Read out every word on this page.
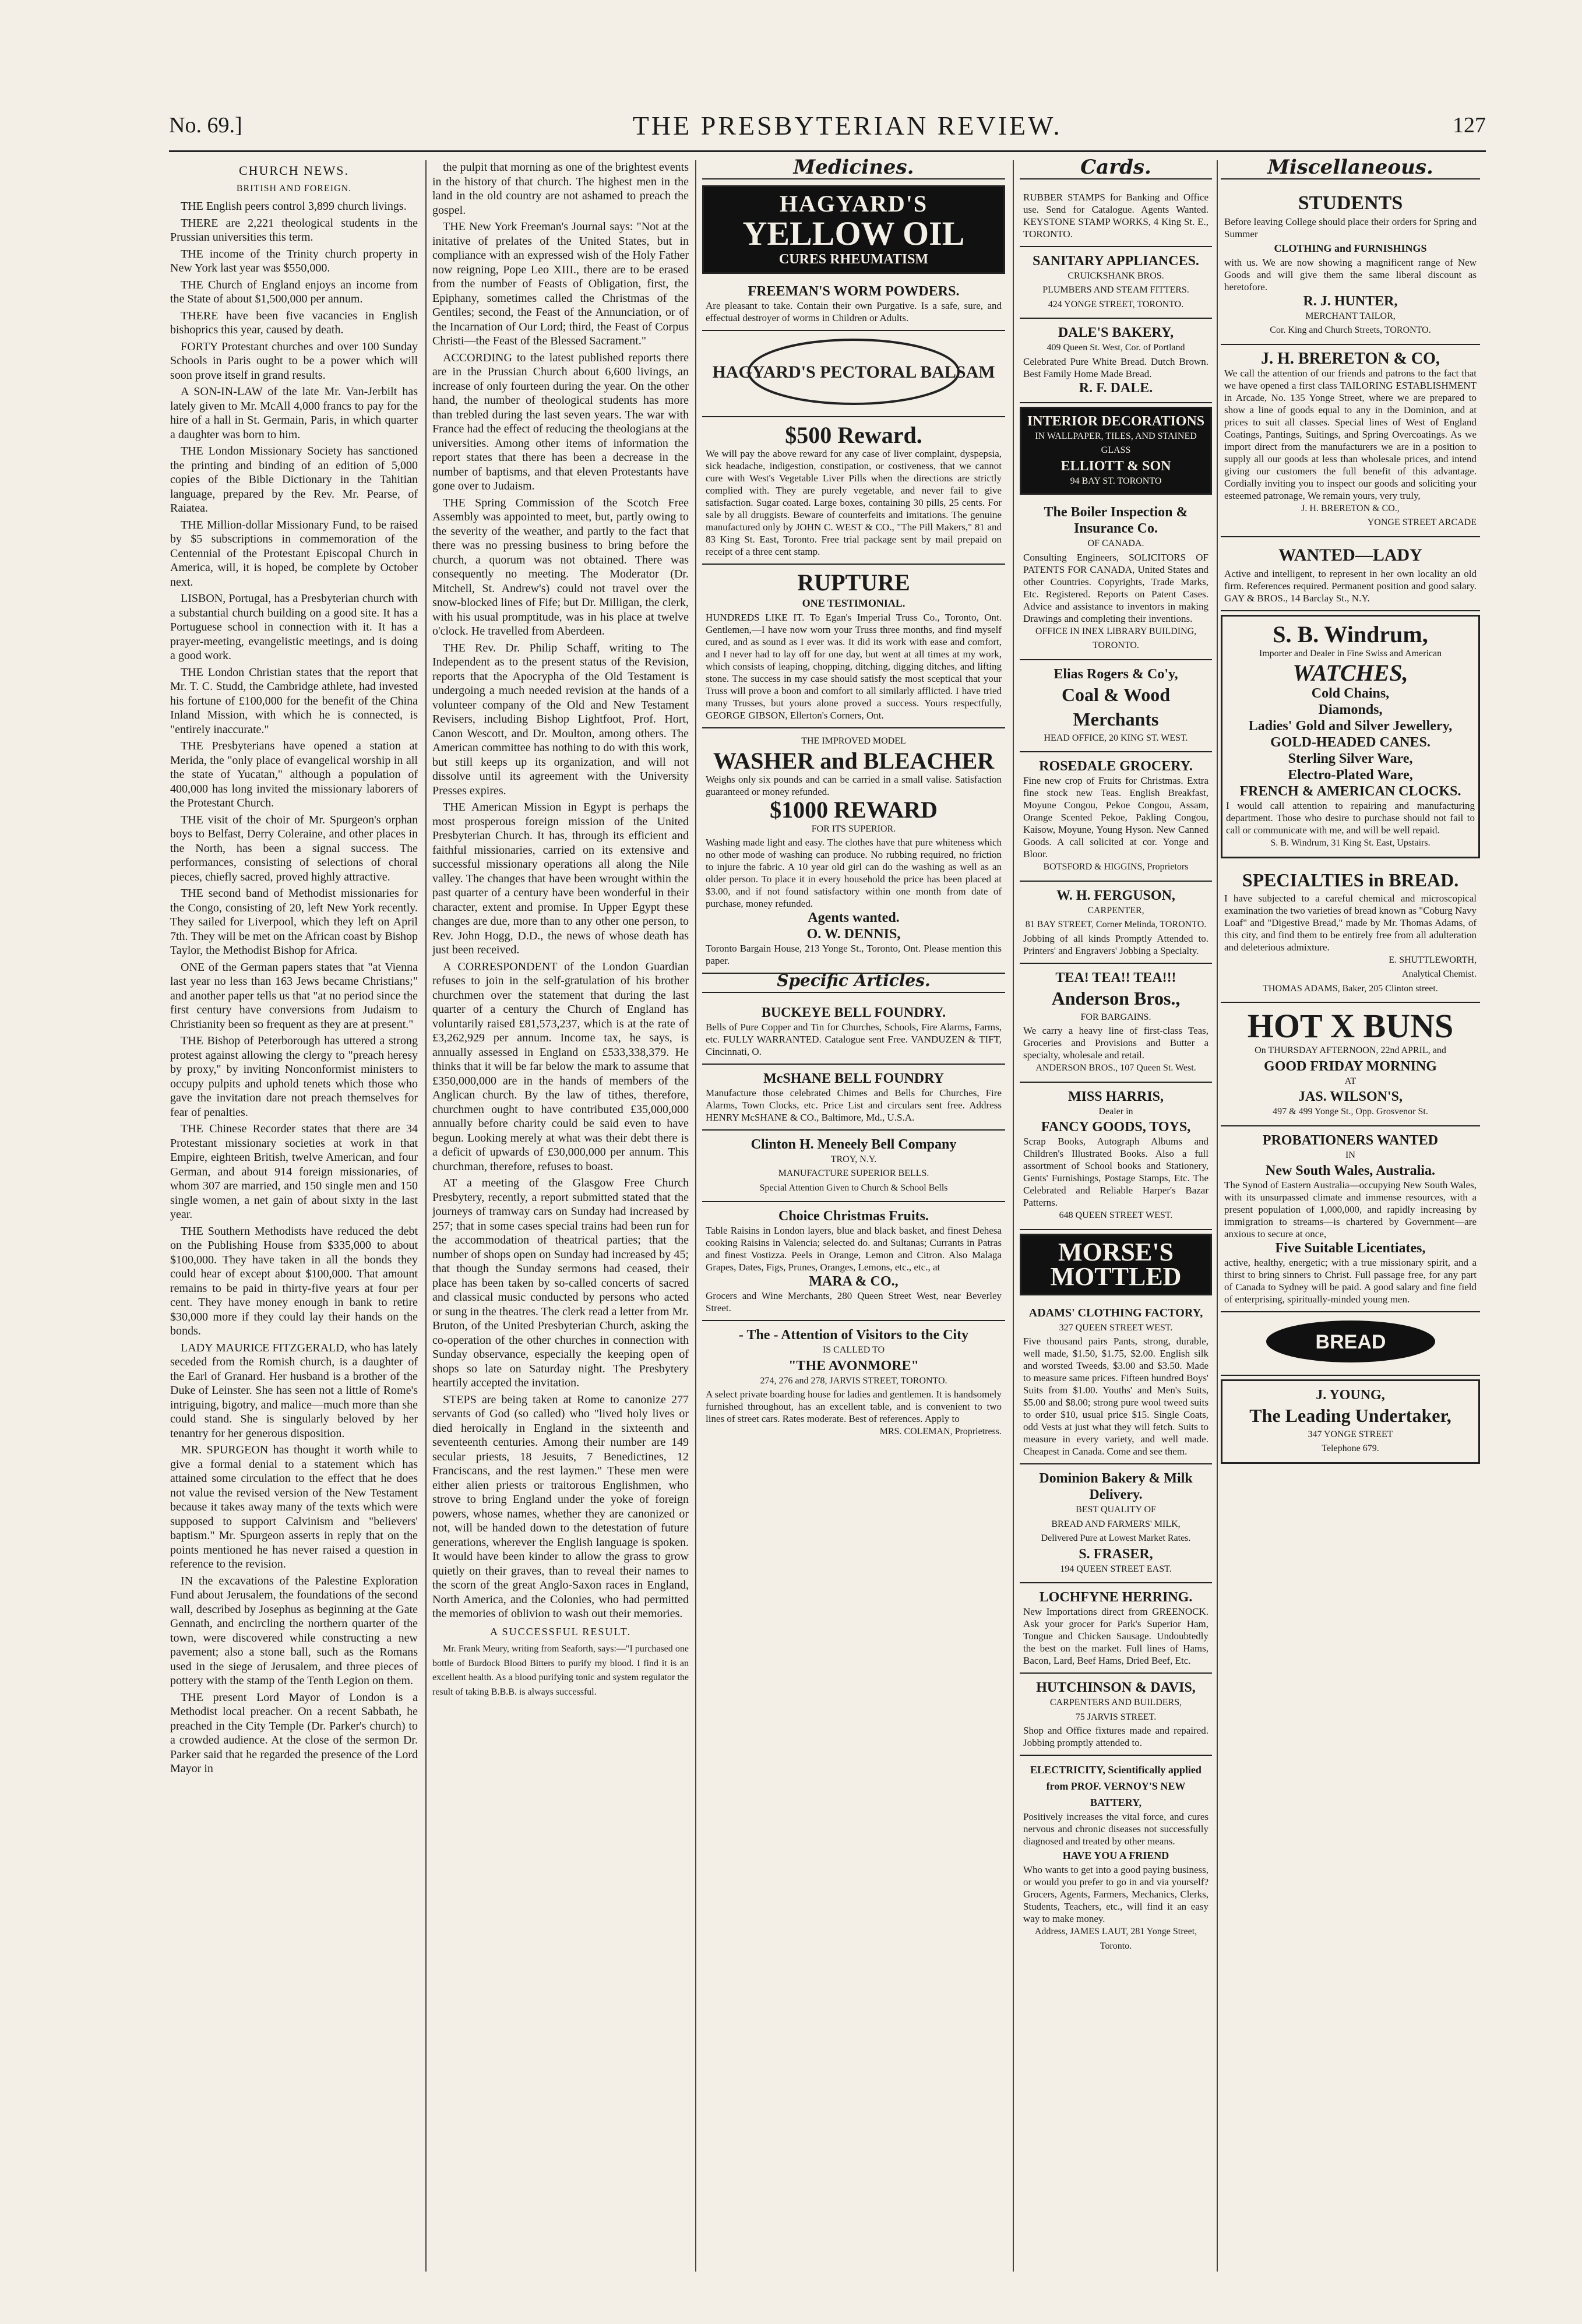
No. 69.]	THE PRESBYTERIAN REVIEW.	127
CHURCH NEWS.
BRITISH AND FOREIGN.

THE English peers control 3,899 church livings.

THERE are 2,221 theological students in the Prussian universities this term.

THE income of the Trinity church property in New York last year was $550,000.

THE Church of England enjoys an income from the State of about $1,500,000 per annum.

THERE have been five vacancies in English bishoprics this year, caused by death.

FORTY Protestant churches and over 100 Sunday Schools in Paris ought to be a power which will soon prove itself in grand results.

A SON-IN-LAW of the late Mr. Van-Jerbilt has lately given to Mr. McAll 4,000 francs to pay for the hire of a hall in St. Germain, Paris, in which quarter a daughter was born to him.

THE London Missionary Society has sanctioned the printing and binding of an edition of 5,000 copies of the Bible Dictionary in the Tahitian language, prepared by the Rev. Mr. Pearse, of Raiatea.

THE Million-dollar Missionary Fund, to be raised by $5 subscriptions in commemoration of the Centennial of the Protestant Episcopal Church in America, will, it is hoped, be complete by October next.

LISBON, Portugal, has a Presbyterian church with a substantial church building on a good site. It has a Portuguese school in connection with it. It has a prayer-meeting, evangelistic meetings, and is doing a good work.

THE London Christian states that the report that Mr. T. C. Studd, the Cambridge athlete, had invested his fortune of £100,000 for the benefit of the China Inland Mission, with which he is connected, is "entirely inaccurate."

THE Presbyterians have opened a station at Merida, the "only place of evangelical worship in all the state of Yucatan," although a population of 400,000 has long invited the missionary laborers of the Protestant Church.

THE visit of the choir of Mr. Spurgeon's orphan boys to Belfast, Derry Coleraine, and other places in the North, has been a signal success. The performances, consisting of selections of choral pieces, chiefly sacred, proved highly attractive.

THE second band of Methodist missionaries for the Congo, consisting of 20, left New York recently. They sailed for Liverpool, which they left on April 7th. They will be met on the African coast by Bishop Taylor, the Methodist Bishop for Africa.

ONE of the German papers states that "at Vienna last year no less than 163 Jews became Christians;" and another paper tells us that "at no period since the first century have conversions from Judaism to Christianity been so frequent as they are at present."

THE Bishop of Peterborough has uttered a strong protest against allowing the clergy to "preach heresy by proxy," by inviting Nonconformist ministers to occupy pulpits and uphold tenets which those who gave the invitation dare not preach themselves for fear of penalties.

THE Chinese Recorder states that there are 34 Protestant missionary societies at work in that Empire, eighteen British, twelve American, and four German, and about 914 foreign missionaries, of whom 307 are married, and 150 single men and 150 single women, a net gain of about sixty in the last year.

THE Southern Methodists have reduced the debt on the Publishing House from $335,000 to about $100,000. They have taken in all the bonds they could hear of except about $100,000. That amount remains to be paid in thirty-five years at four per cent. They have money enough in bank to retire $30,000 more if they could lay their hands on the bonds.

LADY MAURICE FITZGERALD, who has lately seceded from the Romish church, is a daughter of the Earl of Granard. Her husband is a brother of the Duke of Leinster. She has seen not a little of Rome's intriguing, bigotry, and malice—much more than she could stand. She is singularly beloved by her tenantry for her generous disposition.

MR. SPURGEON has thought it worth while to give a formal denial to a statement which has attained some circulation to the effect that he does not value the revised version of the New Testament because it takes away many of the texts which were supposed to support Calvinism and "believers' baptism." Mr. Spurgeon asserts in reply that on the points mentioned he has never raised a question in reference to the revision.

IN the excavations of the Palestine Exploration Fund about Jerusalem, the foundations of the second wall, described by Josephus as beginning at the Gate Gennath, and encircling the northern quarter of the town, were discovered while constructing a new pavement; also a stone ball, such as the Romans used in the siege of Jerusalem, and three pieces of pottery with the stamp of the Tenth Legion on them.

THE present Lord Mayor of London is a Methodist local preacher. On a recent Sabbath, he preached in the City Temple (Dr. Parker's church) to a crowded audience. At the close of the sermon Dr. Parker said that he regarded the presence of the Lord Mayor in

the pulpit that morning as one of the brightest events in the history of that church. The highest men in the land in the old country are not ashamed to preach the gospel.

THE New York Freeman's Journal says: "Not at the initative of prelates of the United States, but in compliance with an expressed wish of the Holy Father now reigning, Pope Leo XIII., there are to be erased from the number of Feasts of Obligation, first, the Epiphany, sometimes called the Christmas of the Gentiles; second, the Feast of the Annunciation, or of the Incarnation of Our Lord; third, the Feast of Corpus Christi—the Feast of the Blessed Sacrament."

ACCORDING to the latest published reports there are in the Prussian Church about 6,600 livings, an increase of only fourteen during the year. On the other hand, the number of theological students has more than trebled during the last seven years. The war with France had the effect of reducing the theologians at the universities. Among other items of information the report states that there has been a decrease in the number of baptisms, and that eleven Protestants have gone over to Judaism.

THE Spring Commission of the Scotch Free Assembly was appointed to meet, but, partly owing to the severity of the weather, and partly to the fact that there was no pressing business to bring before the church, a quorum was not obtained. There was consequently no meeting. The Moderator (Dr. Mitchell, St. Andrew's) could not travel over the snow-blocked lines of Fife; but Dr. Milligan, the clerk, with his usual promptitude, was in his place at twelve o'clock. He travelled from Aberdeen.

THE Rev. Dr. Philip Schaff, writing to The Independent as to the present status of the Revision, reports that the Apocrypha of the Old Testament is undergoing a much needed revision at the hands of a volunteer company of the Old and New Testament Revisers, including Bishop Lightfoot, Prof. Hort, Canon Wescott, and Dr. Moulton, among others. The American committee has nothing to do with this work, but still keeps up its organization, and will not dissolve until its agreement with the University Presses expires.

THE American Mission in Egypt is perhaps the most prosperous foreign mission of the United Presbyterian Church. It has, through its efficient and faithful missionaries, carried on its extensive and successful missionary operations all along the Nile valley. The changes that have been wrought within the past quarter of a century have been wonderful in their character, extent and promise. In Upper Egypt these changes are due, more than to any other one person, to Rev. John Hogg, D.D., the news of whose death has just been received.

A CORRESPONDENT of the London Guardian refuses to join in the self-gratulation of his brother churchmen over the statement that during the last quarter of a century the Church of England has voluntarily raised £81,573,237, which is at the rate of £3,262,929 per annum. Income tax, he says, is annually assessed in England on £533,338,379. He thinks that it will be far below the mark to assume that £350,000,000 are in the hands of members of the Anglican church. By the law of tithes, therefore, churchmen ought to have contributed £35,000,000 annually before charity could be said even to have begun. Looking merely at what was their debt there is a deficit of upwards of £30,000,000 per annum. This churchman, therefore, refuses to boast.

AT a meeting of the Glasgow Free Church Presbytery, recently, a report submitted stated that the journeys of tramway cars on Sunday had increased by 257; that in some cases special trains had been run for the accommodation of theatrical parties; that the number of shops open on Sunday had increased by 45; that though the Sunday sermons had ceased, their place has been taken by so-called concerts of sacred and classical music conducted by persons who acted or sung in the theatres. The clerk read a letter from Mr. Bruton, of the United Presbyterian Church, asking the co-operation of the other churches in connection with Sunday observance, especially the keeping open of shops so late on Saturday night. The Presbytery heartily accepted the invitation.

STEPS are being taken at Rome to canonize 277 servants of God (so called) who "lived holy lives or died heroically in England in the sixteenth and seventeenth centuries. Among their number are 149 secular priests, 18 Jesuits, 7 Benedictines, 12 Franciscans, and the rest laymen." These men were either alien priests or traitorous Englishmen, who strove to bring England under the yoke of foreign powers, whose names, whether they are canonized or not, will be handed down to the detestation of future generations, wherever the English language is spoken. It would have been kinder to allow the grass to grow quietly on their graves, than to reveal their names to the scorn of the great Anglo-Saxon races in England, North America, and the Colonies, who had permitted the memories of oblivion to wash out their memories.

A SUCCESSFUL RESULT.

Mr. Frank Meury, writing from Seaforth, says:—"I purchased one bottle of Burdock Blood Bitters to purify my blood. I find it is an excellent health. As a blood purifying tonic and system regulator the result of taking B.B.B. is always successful.

Medicines.
HAGYARD'S
YELLOW OIL
CURES RHEUMATISM
FREEMAN'S WORM POWDERS.
Are pleasant to take. Contain their own Purgative. Is a safe, sure, and effectual destroyer of worms in Children or Adults.
HAGYARD'S PECTORAL BALSAM
$500 Reward.
We will pay the above reward for any case of liver complaint, dyspepsia, sick headache, indigestion, constipation, or costiveness, that we cannot cure with West's Vegetable Liver Pills when the directions are strictly complied with. They are purely vegetable, and never fail to give satisfaction. Sugar coated. Large boxes, containing 30 pills, 25 cents. For sale by all druggists. Beware of counterfeits and imitations. The genuine manufactured only by JOHN C. WEST & CO., "The Pill Makers," 81 and 83 King St. East, Toronto. Free trial package sent by mail prepaid on receipt of a three cent stamp.
RUPTURE
ONE TESTIMONIAL.
HUNDREDS LIKE IT. To Egan's Imperial Truss Co., Toronto, Ont. Gentlemen,—I have now worn your Truss three months, and find myself cured, and as sound as I ever was. It did its work with ease and comfort, and I never had to lay off for one day, but went at all times at my work, which consists of leaping, chopping, ditching, digging ditches, and lifting stone. The success in my case should satisfy the most sceptical that your Truss will prove a boon and comfort to all similarly afflicted. I have tried many Trusses, but yours alone proved a success. Yours respectfully, GEORGE GIBSON, Ellerton's Corners, Ont.
THE IMPROVED MODEL
WASHER and BLEACHER
Weighs only six pounds and can be carried in a small valise. Satisfaction guaranteed or money refunded.
$1000 REWARD
FOR ITS SUPERIOR.
Washing made light and easy. The clothes have that pure whiteness which no other mode of washing can produce. No rubbing required, no friction to injure the fabric. A 10 year old girl can do the washing as well as an older person. To place it in every household the price has been placed at $3.00, and if not found satisfactory within one month from date of purchase, money refunded.
Agents wanted.
O. W. DENNIS,
Toronto Bargain House, 213 Yonge St., Toronto, Ont. Please mention this paper.
Specific Articles.
BUCKEYE BELL FOUNDRY.
Bells of Pure Copper and Tin for Churches, Schools, Fire Alarms, Farms, etc. FULLY WARRANTED. Catalogue sent Free. VANDUZEN & TIFT, Cincinnati, O.
McSHANE BELL FOUNDRY
Manufacture those celebrated Chimes and Bells for Churches, Fire Alarms, Town Clocks, etc. Price List and circulars sent free. Address HENRY McSHANE & CO., Baltimore, Md., U.S.A.
Clinton H. Meneely Bell Company
TROY, N.Y.
MANUFACTURE SUPERIOR BELLS.
Special Attention Given to Church & School Bells
Choice Christmas Fruits.
Table Raisins in London layers, blue and black basket, and finest Dehesa cooking Raisins in Valencia; selected do. and Sultanas; Currants in Patras and finest Vostizza. Peels in Orange, Lemon and Citron. Also Malaga Grapes, Dates, Figs, Prunes, Oranges, Lemons, etc., etc., at
MARA & CO.,
Grocers and Wine Merchants, 280 Queen Street West, near Beverley Street.
- The - Attention of Visitors to the City
IS CALLED TO
"THE AVONMORE"
274, 276 and 278, JARVIS STREET, TORONTO.
A select private boarding house for ladies and gentlemen. It is handsomely furnished throughout, has an excellent table, and is convenient to two lines of street cars. Rates moderate. Best of references. Apply to
MRS. COLEMAN, Proprietress.
Cards.
RUBBER STAMPS for Banking and Office use. Send for Catalogue. Agents Wanted. KEYSTONE STAMP WORKS, 4 King St. E., TORONTO.
SANITARY APPLIANCES.
CRUICKSHANK BROS.
PLUMBERS AND STEAM FITTERS.
424 YONGE STREET, TORONTO.
DALE'S BAKERY,
409 Queen St. West, Cor. of Portland
Celebrated Pure White Bread. Dutch Brown. Best Family Home Made Bread.
R. F. DALE.
INTERIOR DECORATIONS
IN WALLPAPER, TILES, AND STAINED GLASS
ELLIOTT & SON
94 BAY ST. TORONTO
The Boiler Inspection & Insurance Co.
OF CANADA.
Consulting Engineers, SOLICITORS OF PATENTS FOR CANADA, United States and other Countries. Copyrights, Trade Marks, Etc. Registered. Reports on Patent Cases. Advice and assistance to inventors in making Drawings and completing their inventions.
OFFICE IN INEX LIBRARY BUILDING, TORONTO.
Elias Rogers & Co'y,
Coal & Wood Merchants
HEAD OFFICE, 20 KING ST. WEST.
ROSEDALE GROCERY.
Fine new crop of Fruits for Christmas. Extra fine stock new Teas. English Breakfast, Moyune Congou, Pekoe Congou, Assam, Orange Scented Pekoe, Pakling Congou, Kaisow, Moyune, Young Hyson. New Canned Goods. A call solicited at cor. Yonge and Bloor.
BOTSFORD & HIGGINS, Proprietors
W. H. FERGUSON,
CARPENTER,
81 BAY STREET, Corner Melinda, TORONTO.
Jobbing of all kinds Promptly Attended to. Printers' and Engravers' Jobbing a Specialty.
TEA! TEA!! TEA!!!
Anderson Bros.,
FOR BARGAINS.
We carry a heavy line of first-class Teas, Groceries and Provisions and Butter a specialty, wholesale and retail.
ANDERSON BROS., 107 Queen St. West.
MISS HARRIS,
Dealer in
FANCY GOODS, TOYS,
Scrap Books, Autograph Albums and Children's Illustrated Books. Also a full assortment of School books and Stationery, Gents' Furnishings, Postage Stamps, Etc. The Celebrated and Reliable Harper's Bazar Patterns.
648 QUEEN STREET WEST.
MORSE'S MOTTLED
ADAMS' CLOTHING FACTORY,
327 QUEEN STREET WEST.
Five thousand pairs Pants, strong, durable, well made, $1.50, $1.75, $2.00. English silk and worsted Tweeds, $3.00 and $3.50. Made to measure same prices. Fifteen hundred Boys' Suits from $1.00. Youths' and Men's Suits, $5.00 and $8.00; strong pure wool tweed suits to order $10, usual price $15. Single Coats, odd Vests at just what they will fetch. Suits to measure in every variety, and well made. Cheapest in Canada. Come and see them.
Dominion Bakery & Milk Delivery.
BEST QUALITY OF
BREAD AND FARMERS' MILK,
Delivered Pure at Lowest Market Rates.
S. FRASER,
194 QUEEN STREET EAST.
LOCHFYNE HERRING.
New Importations direct from GREENOCK. Ask your grocer for Park's Superior Ham, Tongue and Chicken Sausage. Undoubtedly the best on the market. Full lines of Hams, Bacon, Lard, Beef Hams, Dried Beef, Etc.
HUTCHINSON & DAVIS,
CARPENTERS AND BUILDERS,
75 JARVIS STREET.
Shop and Office fixtures made and repaired. Jobbing promptly attended to.
ELECTRICITY, Scientifically applied from PROF. VERNOY'S NEW BATTERY,
Positively increases the vital force, and cures nervous and chronic diseases not successfully diagnosed and treated by other means.
HAVE YOU A FRIEND
Who wants to get into a good paying business, or would you prefer to go in and via yourself? Grocers, Agents, Farmers, Mechanics, Clerks, Students, Teachers, etc., will find it an easy way to make money.
Address, JAMES LAUT, 281 Yonge Street, Toronto.
Miscellaneous.
STUDENTS
Before leaving College should place their orders for Spring and Summer
CLOTHING and FURNISHINGS
with us. We are now showing a magnificent range of New Goods and will give them the same liberal discount as heretofore.
R. J. HUNTER,
MERCHANT TAILOR,
Cor. King and Church Streets, TORONTO.
J. H. BRERETON & CO,
We call the attention of our friends and patrons to the fact that we have opened a first class TAILORING ESTABLISHMENT in Arcade, No. 135 Yonge Street, where we are prepared to show a line of goods equal to any in the Dominion, and at prices to suit all classes. Special lines of West of England Coatings, Pantings, Suitings, and Spring Overcoatings. As we import direct from the manufacturers we are in a position to supply all our goods at less than wholesale prices, and intend giving our customers the full benefit of this advantage. Cordially inviting you to inspect our goods and soliciting your esteemed patronage, We remain yours, very truly,
J. H. BRERETON & CO.,
YONGE STREET ARCADE
WANTED—LADY
Active and intelligent, to represent in her own locality an old firm. References required. Permanent position and good salary. GAY & BROS., 14 Barclay St., N.Y.
S. B. Windrum,
Importer and Dealer in Fine Swiss and American
WATCHES,
Cold Chains,
Diamonds,
Ladies' Gold and Silver Jewellery,
GOLD-HEADED CANES.
Sterling Silver Ware,
Electro-Plated Ware,
FRENCH & AMERICAN CLOCKS.
I would call attention to repairing and manufacturing department. Those who desire to purchase should not fail to call or communicate with me, and will be well repaid.
S. B. Windrum, 31 King St. East, Upstairs.
SPECIALTIES in BREAD.
I have subjected to a careful chemical and microscopical examination the two varieties of bread known as "Coburg Navy Loaf" and "Digestive Bread," made by Mr. Thomas Adams, of this city, and find them to be entirely free from all adulteration and deleterious admixture.
E. SHUTTLEWORTH,
Analytical Chemist.
THOMAS ADAMS, Baker, 205 Clinton street.
HOT X BUNS
On THURSDAY AFTERNOON, 22nd APRIL, and
GOOD FRIDAY MORNING
AT
JAS. WILSON'S,
497 & 499 Yonge St., Opp. Grosvenor St.
PROBATIONERS WANTED
IN
New South Wales, Australia.
The Synod of Eastern Australia—occupying New South Wales, with its unsurpassed climate and immense resources, with a present population of 1,000,000, and rapidly increasing by immigration to streams—is chartered by Government—are anxious to secure at once,
Five Suitable Licentiates,
active, healthy, energetic; with a true missionary spirit, and a thirst to bring sinners to Christ. Full passage free, for any part of Canada to Sydney will be paid. A good salary and fine field of enterprising, spiritually-minded young men.
BREAD
J. YOUNG,
The Leading Undertaker,
347 YONGE STREET
Telephone 679.
